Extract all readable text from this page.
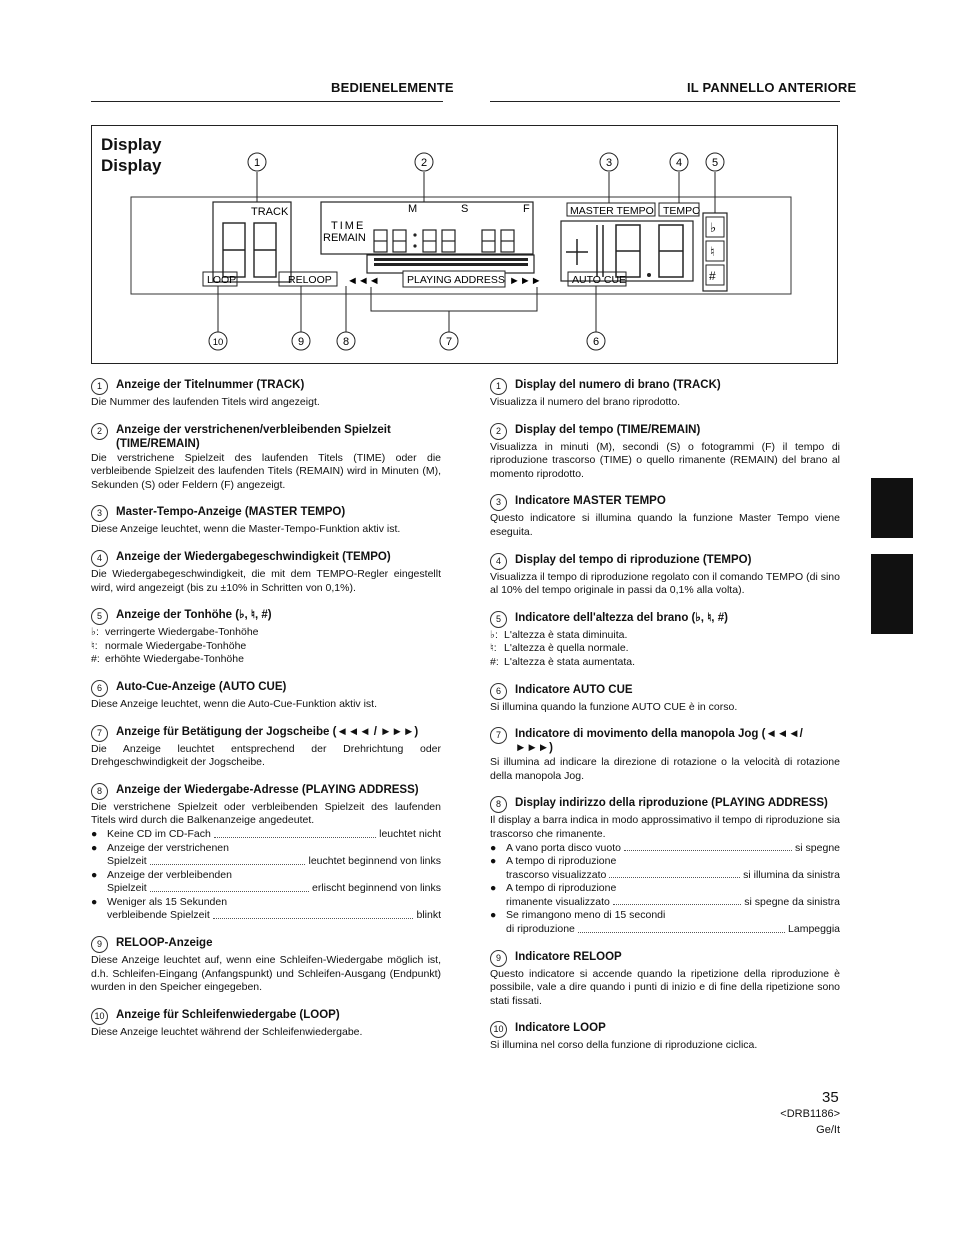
BEDIENELEMENTE	IL PANNELLO ANTERIORE
Display
Display
TRACK
TIME
REMAIN
M	S	F
PLAYING ADDRESS
◄◄◄	►►►
LOOP	RELOOP
MASTER TEMPO TEMPO
AUTO CUE
♭
♮
#
1	2	3	4	5
6
7
8
9
10
1	Anzeige der Titelnummer (TRACK)
Die Nummer des laufenden Titels wird angezeigt.
2	Anzeige der verstrichenen/verbleibenden Spielzeit (TIME/REMAIN)
Die verstrichene Spielzeit des laufenden Titels (TIME) oder die verbleibende Spielzeit des laufenden Titels (REMAIN) wird in Minuten (M), Sekunden (S) oder Feldern (F) angezeigt.
3	Master-Tempo-Anzeige (MASTER TEMPO)
Diese Anzeige leuchtet, wenn die Master-Tempo-Funktion aktiv ist.
4	Anzeige der Wiedergabegeschwindigkeit (TEMPO)
Die Wiedergabegeschwindigkeit, die mit dem TEMPO-Regler eingestellt wird, wird angezeigt (bis zu ±10% in Schritten von 0,1%).
5	Anzeige der Tonhöhe (♭, ♮, #)
♭: verringerte Wiedergabe-Tonhöhe
♮: normale Wiedergabe-Tonhöhe
#: erhöhte Wiedergabe-Tonhöhe
6	Auto-Cue-Anzeige (AUTO CUE)
Diese Anzeige leuchtet, wenn die Auto-Cue-Funktion aktiv ist.
7	Anzeige für Betätigung der Jogscheibe (◄◄◄ / ►►►)
Die Anzeige leuchtet entsprechend der Drehrichtung oder Drehgeschwindigkeit der Jogscheibe.
8	Anzeige der Wiedergabe-Adresse (PLAYING ADDRESS)
Die verstrichene Spielzeit oder verbleibenden Spielzeit des laufenden Titels wird durch die Balkenanzeige angedeutet.
● Keine CD im CD-Fach	leuchtet nicht
● Anzeige der verstrichenen
Spielzeit	leuchtet beginnend von links
● Anzeige der verbleibenden
Spielzeit	erlischt beginnend von links
● Weniger als 15 Sekunden
verbleibende Spielzeit	blinkt
9	RELOOP-Anzeige
Diese Anzeige leuchtet auf, wenn eine Schleifen-Wiedergabe möglich ist, d.h. Schleifen-Eingang (Anfangspunkt) und Schleifen-Ausgang (Endpunkt) wurden in den Speicher eingegeben.
10	Anzeige für Schleifenwiedergabe (LOOP)
Diese Anzeige leuchtet während der Schleifenwiedergabe.
1	Display del numero di brano (TRACK)
Visualizza il numero del brano riprodotto.
2	Display del tempo (TIME/REMAIN)
Visualizza in minuti (M), secondi (S) o fotogrammi (F) il tempo di riproduzione trascorso (TIME) o quello rimanente (REMAIN) del brano al momento riprodotto.
3	Indicatore MASTER TEMPO
Questo indicatore si illumina quando la funzione Master Tempo viene eseguita.
4	Display del tempo di riproduzione (TEMPO)
Visualizza il tempo di riproduzione regolato con il comando TEMPO (di sino al 10% del tempo originale in passi da 0,1% alla volta).
5	Indicatore dell'altezza del brano (♭, ♮, #)
♭: L'altezza è stata diminuita.
♮: L'altezza è quella normale.
#: L'altezza è stata aumentata.
6	Indicatore AUTO CUE
Si illumina quando la funzione AUTO CUE è in corso.
7	Indicatore di movimento della manopola Jog (◄◄◄/ ►►►)
Si illumina ad indicare la direzione di rotazione o la velocità di rotazione della manopola Jog.
8	Display indirizzo della riproduzione (PLAYING ADDRESS)
Il display a barra indica in modo approssimativo il tempo di riproduzione sia trascorso che rimanente.
● A vano porta disco vuoto	si spegne
● A tempo di riproduzione
trascorso visualizzato	si illumina da sinistra
● A tempo di riproduzione
rimanente visualizzato	si spegne da sinistra
● Se rimangono meno di 15 secondi
di riproduzione	Lampeggia
9	Indicatore RELOOP
Questo indicatore si accende quando la ripetizione della riproduzione è possibile, vale a dire quando i punti di inizio e di fine della ripetizione sono stati fissati.
10	Indicatore LOOP
Si illumina nel corso della funzione di riproduzione ciclica.
35
<DRB1186>
Ge/It
